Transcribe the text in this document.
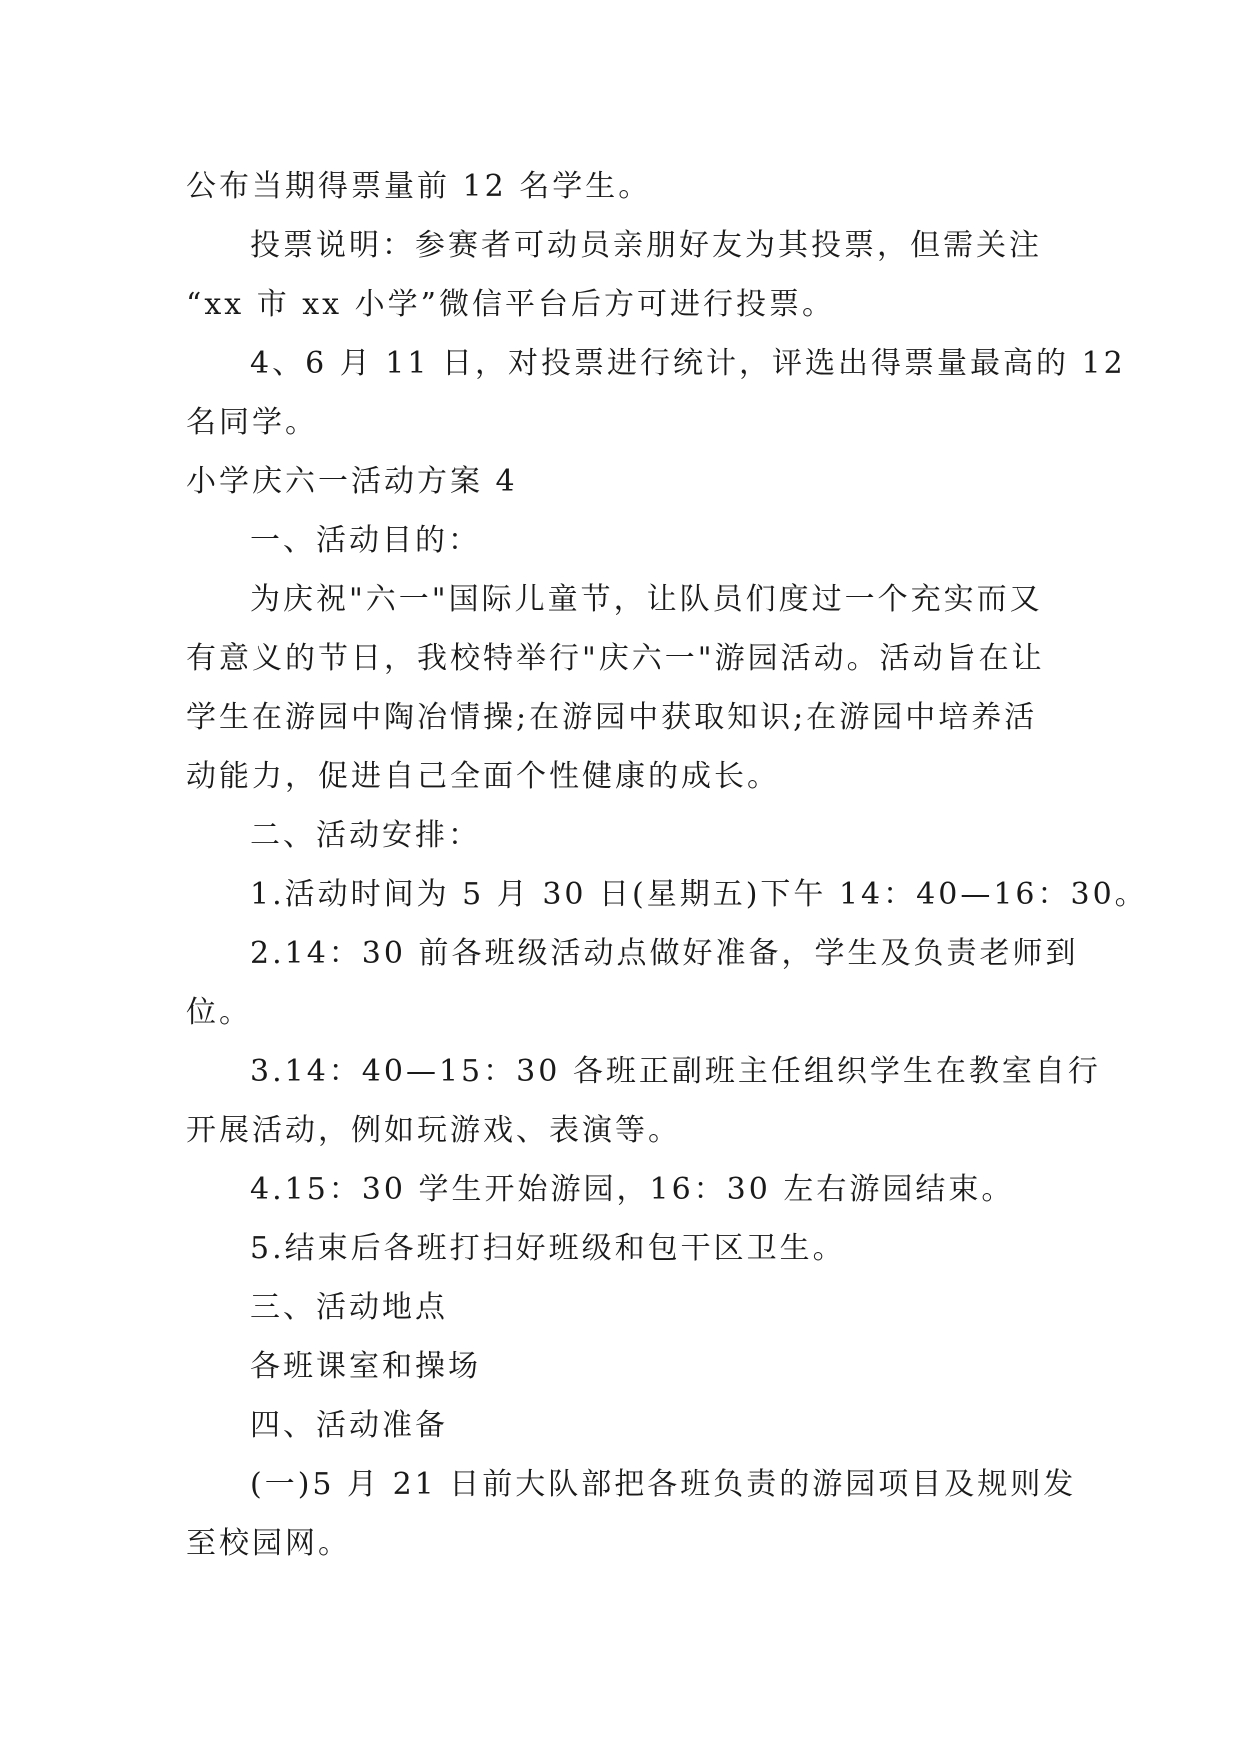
公布当期得票量前 12 名学生。
投票说明：参赛者可动员亲朋好友为其投票，但需关注
“xx 市 xx 小学”微信平台后方可进行投票。
4、6 月 11 日，对投票进行统计，评选出得票量最高的 12
名同学。
小学庆六一活动方案 4
一、活动目的：
为庆祝"六一"国际儿童节，让队员们度过一个充实而又
有意义的节日，我校特举行"庆六一"游园活动。活动旨在让
学生在游园中陶冶情操;在游园中获取知识;在游园中培养活
动能力，促进自己全面个性健康的成长。
二、活动安排：
1.活动时间为 5 月 30 日(星期五)下午 14：40—16：30。
2.14：30 前各班级活动点做好准备，学生及负责老师到
位。
3.14：40—15：30 各班正副班主任组织学生在教室自行
开展活动，例如玩游戏、表演等。
4.15：30 学生开始游园，16：30 左右游园结束。
5.结束后各班打扫好班级和包干区卫生。
三、活动地点
各班课室和操场
四、活动准备
(一)5 月 21 日前大队部把各班负责的游园项目及规则发
至校园网。
